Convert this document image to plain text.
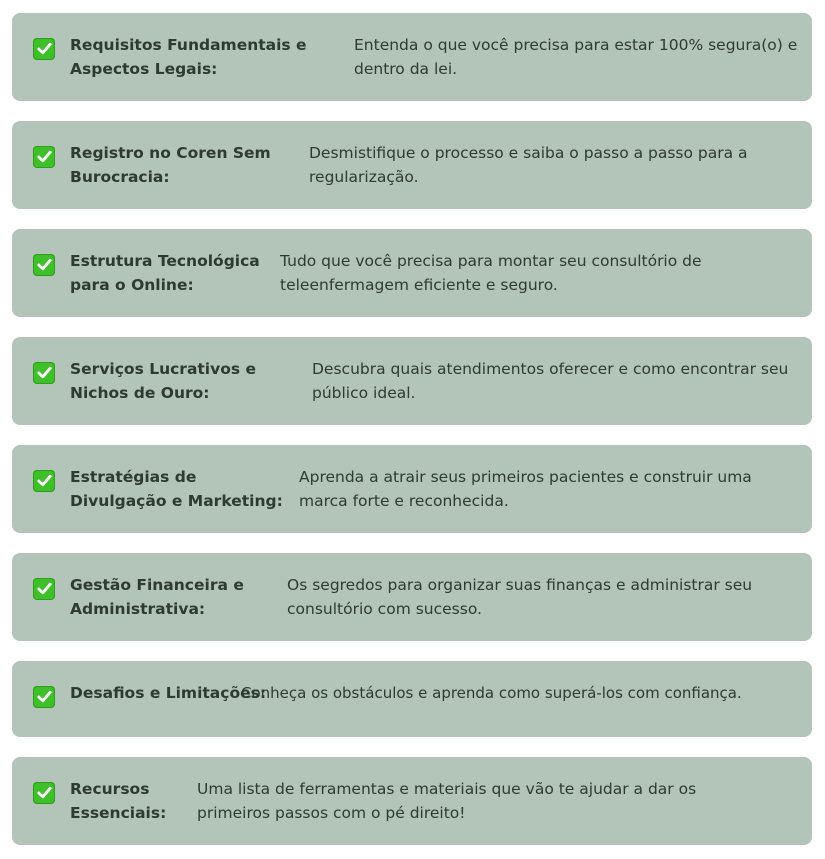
Requisitos Fundamentais e Aspectos Legais:
Entenda o que você precisa para estar 100% segura(o) e dentro da lei.
Registro no Coren Sem Burocracia:
Desmistifique o processo e saiba o passo a passo para a regularização.
Estrutura Tecnológica para o Online:
Tudo que você precisa para montar seu consultório de teleenfermagem eficiente e seguro.
Serviços Lucrativos e Nichos de Ouro:
Descubra quais atendimentos oferecer e como encontrar seu público ideal.
Estratégias de Divulgação e Marketing:
Aprenda a atrair seus primeiros pacientes e construir uma marca forte e reconhecida.
Gestão Financeira e Administrativa:
Os segredos para organizar suas finanças e administrar seu consultório com sucesso.
Desafios e Limitações:
Conheça os obstáculos e aprenda como superá-los com confiança.
Recursos Essenciais:
Uma lista de ferramentas e materiais que vão te ajudar a dar os primeiros passos com o pé direito!
